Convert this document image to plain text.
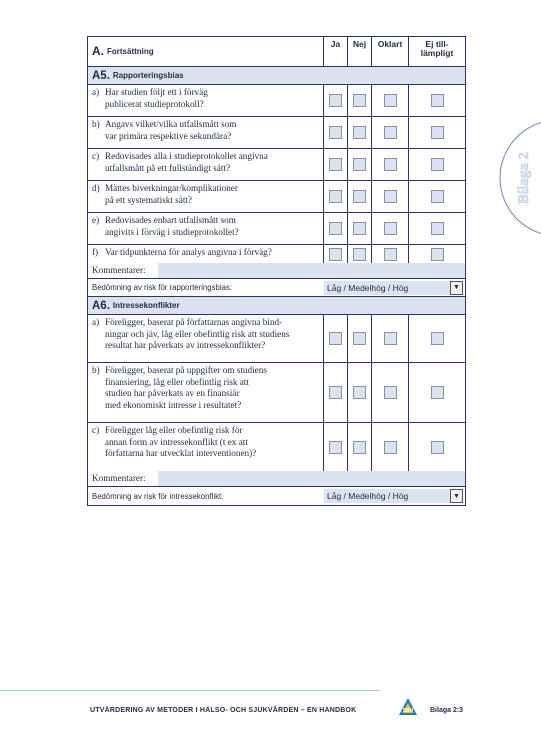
A. Fortsättning
Ja	Nej	Oklart	Ej till-
lämpligt
A5. Rapporteringsbias
a) Har studien följt ett i förväg
publicerat studieprotokoll?
b) Angavs vilket/vilka utfallsmått som
var primära respektive sekundära?
c) Redovisades alla i studieprotokollet angivna
utfallsmått på ett fullständigt sätt?
d) Mättes biverkningar/komplikationer
på ett systematiskt sätt?
e) Redovisades enbart utfallsmått som
angivits i förväg i studieprotokollet?
f) Var tidpunkterna för analys angivna i förväg?
Kommentarer:
Bedömning av risk för rapporteringsbias:	Låg / Medelhög / Hög	▼
A6. Intressekonflikter
a) Föreligger, baserat på författarnas angivna bind-
ningar och jäv, låg eller obefintlig risk att studiens
resultat har påverkats av intressekonflikter?
b) Föreligger, baserat på uppgifter om studiens
finansiering, låg eller obefintlig risk att
studien har påverkats av en finansiär
med ekonomiskt intresse i resultatet?
c) Föreligger låg eller obefintlig risk för
annan form av intressekonflikt (t ex att
författarna har utvecklat interventionen)?
Kommentarer:
Bedömning av risk för intressekonflikt:	Låg / Medelhög / Hög	▼
Bilaga 2
UTVÄRDERING AV METODER I HÄLSO- OCH SJUKVÅRDEN – EN HANDBOK	SBU Bilaga 2:3
